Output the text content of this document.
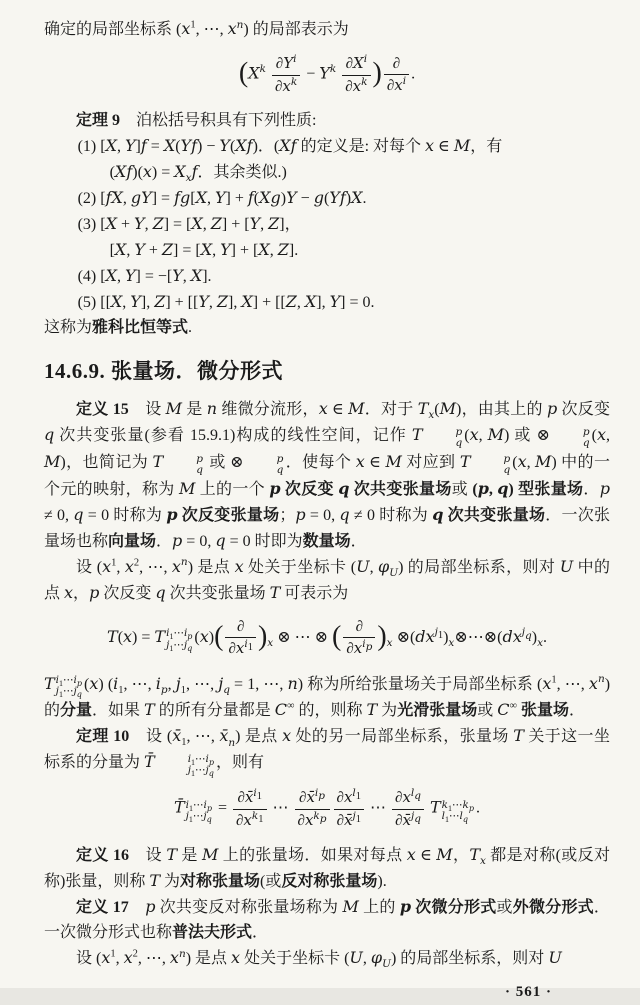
确定的局部坐标系 ($x^1$, ⋯, $x^n$) 的局部表示为

($X^k \frac{\partial Y^i}{\partial x^k} - Y^k \frac{\partial X^i}{\partial x^k}$ ) ∂
$\partial x^i$ .

定理 9　泊松括号积具有下列性质:

(1) [X, Y]f = X(Yf) − Y(Xf)．(Xf 的定义是: 对每个 x ∈ M，有

$(Xf)(x) = X_xf$．其余类似.)

(2) [fX, gY] = fg[X, Y] + f(Xg)Y − g(Yf)X.

(3) [X + Y, Z] = [X, Z] + [Y, Z]，

[X, Y + Z] = [X, Y] + [X, Z].

(4) [X, Y] = −[Y, X].

(5) [[X, Y], Z] + [[Y, Z], X] + [[Z, X], Y] = 0.

这称为雅科比恒等式.

14.6.9. 张量场．微分形式

定义 15　设 M 是 n 维微分流形，x ∈ M．对于 $T_x(M)$，由其上的 p 次反变 q 次共变张量(参看 15.9.1)构成的线性空间，记作 T	p
q (x, M) 或 ⊗	p
q (x, M)，也简记为 T	p
q 或 ⊗	p
q ．使每个 x ∈ M 对应到 T	p
q (x, M) 中的一个元的映射，称为 M 上的一个 p 次反变 q 次共变张量场或 (p, q) 型张量场．p ≠ 0, q = 0 时称为 p 次反变张量场；p = 0, q ≠ 0 时称为 q 次共变张量场．一次张量场也称向量场．p = 0, q = 0 时即为数量场．

设 ($x^1$, $x^2$, ⋯, $x^n$) 是点 x 处关于坐标卡 (U, $\varphi_U$) 的局部坐标系，则对 U 中的点 x，p 次反变 q 次共变张量场 T 可表示为

T(x) = T $i_1\cdots i_p$
$j_1\cdots j_q$
(x)( ∂
$\partial x^{i_1}$ )$_x$ ⊗ ⋯ ⊗ ( ∂
$\partial x^{i_p}$ )$_x$ $\otimes(dx^{j_1})_x\otimes\cdots\otimes(dx^{j_q})_x$.

T $i_1\cdots i_p$
$j_1\cdots j_q$
(x) ($i_1$, ⋯, $i_p$, $j_1$, ⋯, $j_q = 1$, ⋯, n) 称为所给张量场关于局部坐标系 ($x^1$, ⋯, $x^n$) 的分量．如果 T 的所有分量都是 C∞ 的，则称 T 为光滑张量场或 C∞ 张量场．

定理 10　设 ($x̄_1$, ⋯, $x̄_n$) 是点 x 处的另一局部坐标系，张量场 T 关于这一坐标系的分量为 T̄	$i_1\cdots i_p$
$j_1\cdots j_q$
，则有

T̄ $i_1\cdots i_p$
$j_1\cdots j_q$
= $\frac{\partial x̄^{i_1}}{\partial x^{k_1}}$ ⋯
∂x̄$^{i_p}$
$\partial x^{k_p} \frac{\partial x^{l_1}}{\partial x̄^{j_1}}$ ⋯
$\partial x^{l_q}$
∂x̄$^{j_q}$
T $k_1\cdots k_p$
$l_1\cdots l_q$
.

定义 16　设 T 是 M 上的张量场．如果对每点 x ∈ M，$T_x$ 都是对称(或反对称)张量，则称 T 为对称张量场(或反对称张量场).

定义 17　 p 次共变反对称张量场称为 M 上的 p 次微分形式或外微分形式．一次微分形式也称普法夫形式．

设 ($x^1$, $x^2$, ⋯, $x^n$) 是点 x 处关于坐标卡 (U, $\varphi_U$) 的局部坐标系，则对 U

· 561 ·
